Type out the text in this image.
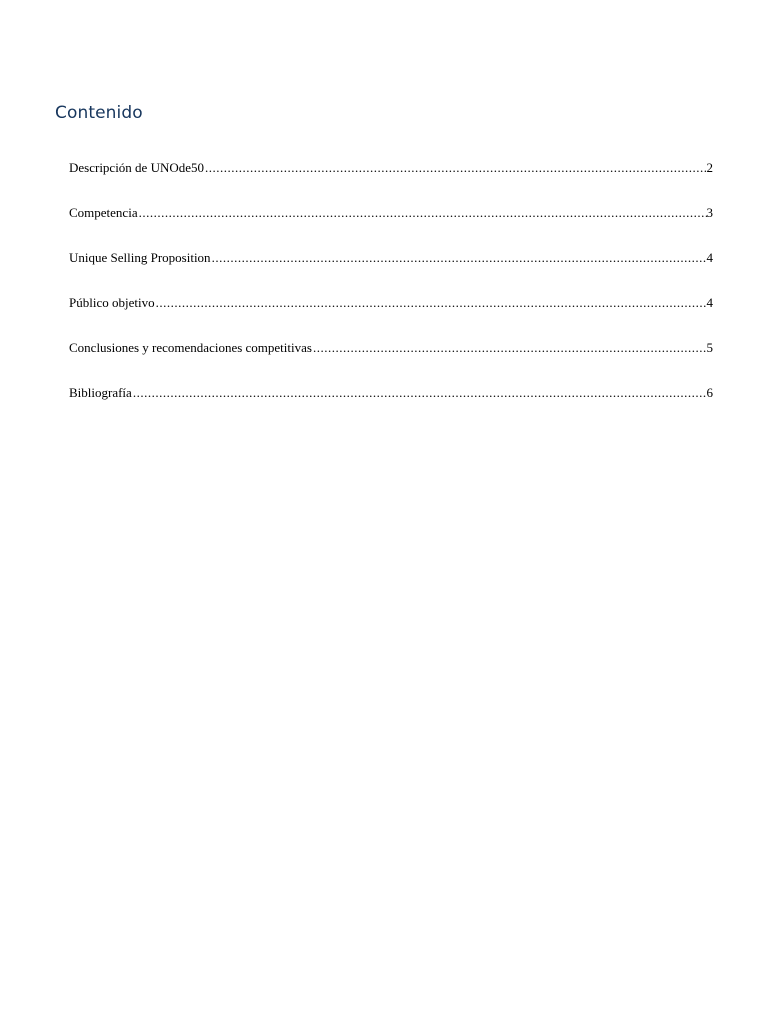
Contenido
Descripción de UNOde50 .....	2
Competencia .....	3
Unique Selling Proposition .....	4
Público objetivo .....	4
Conclusiones y recomendaciones competitivas .....	5
Bibliografía .....	6
